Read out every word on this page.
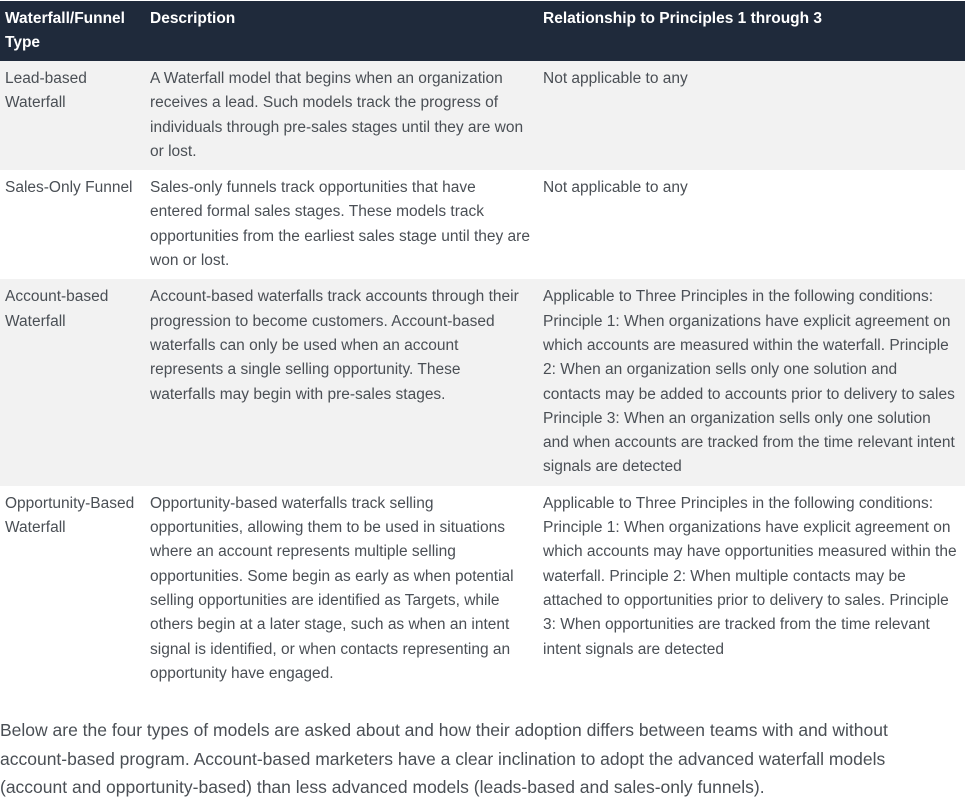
Waterfall/Funnel Type
Description	Relationship to Principles 1 through 3
Lead-based Waterfall
A Waterfall model that begins when an organization receives a lead. Such models track the progress of individuals through pre-sales stages until they are won or lost.
Not applicable to any
Sales-Only Funnel	Sales-only funnels track opportunities that have entered formal sales stages. These models track opportunities from the earliest sales stage until they are won or lost.
Not applicable to any
Account-based Waterfall
Account-based waterfalls track accounts through their progression to become customers. Account-based waterfalls can only be used when an account represents a single selling opportunity. These waterfalls may begin with pre-sales stages.
Applicable to Three Principles in the following conditions: Principle 1: When organizations have explicit agreement on which accounts are measured within the waterfall. Principle 2: When an organization sells only one solution and contacts may be added to accounts prior to delivery to sales Principle 3: When an organization sells only one solution and when accounts are tracked from the time relevant intent signals are detected
Opportunity-Based Waterfall
Opportunity-based waterfalls track selling opportunities, allowing them to be used in situations where an account represents multiple selling opportunities. Some begin as early as when potential selling opportunities are identified as Targets, while others begin at a later stage, such as when an intent signal is identified, or when contacts representing an opportunity have engaged.
Applicable to Three Principles in the following conditions: Principle 1: When organizations have explicit agreement on which accounts may have opportunities measured within the waterfall. Principle 2: When multiple contacts may be attached to opportunities prior to delivery to sales. Principle 3: When opportunities are tracked from the time relevant intent signals are detected

Below are the four types of models are asked about and how their adoption differs between teams with and without account-based program. Account-based marketers have a clear inclination to adopt the advanced waterfall models (account and opportunity-based) than less advanced models (leads-based and sales-only funnels).
